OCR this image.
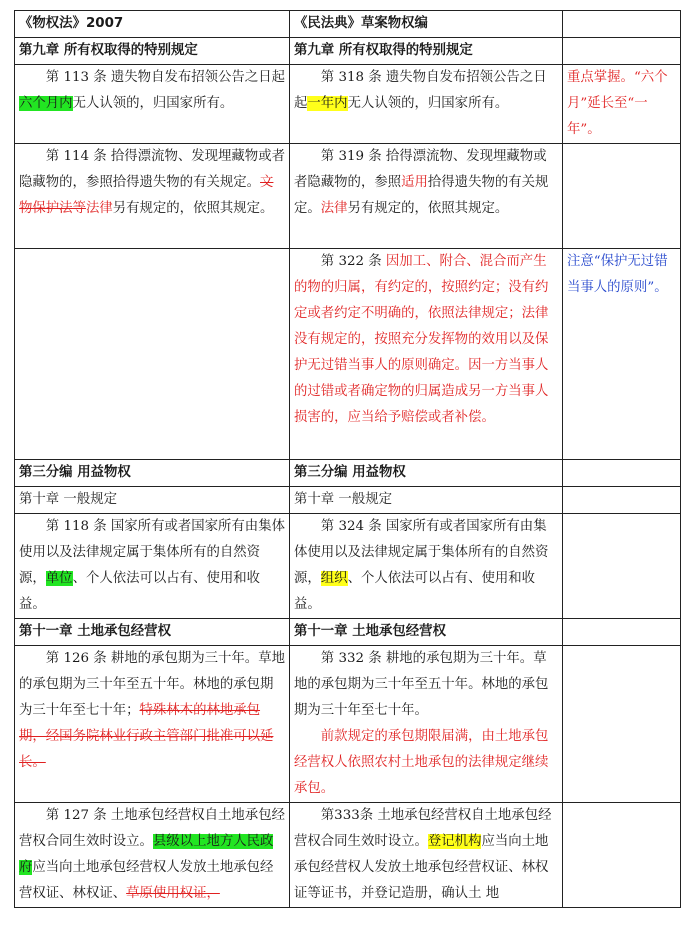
《物权法》2007	《民法典》草案物权编	
第九章 所有权取得的特别规定	第九章 所有权取得的特别规定	

第 113 条 遗失物自发布招领公告之日起六个月内无人认领的，归国家所有。	第 318 条 遗失物自发布招领公告之日起一年内无人认领的，归国家所有。	重点掌握。“六个月”延长至“一年”。

第 114 条 拾得漂流物、发现埋藏物或者隐藏物的，参照拾得遗失物的有关规定。文物保护法等法律另有规定的，依照其规定。	第 319 条 拾得漂流物、发现埋藏物或者隐藏物的，参照适用拾得遗失物的有关规定。法律另有规定的，依照其规定。	

	第 322 条 因加工、附合、混合而产生的物的归属，有约定的，按照约定；没有约定或者约定不明确的，依照法律规定；法律没有规定的，按照充分发挥物的效用以及保护无过错当事人的原则确定。因一方当事人的过错或者确定物的归属造成另一方当事人损害的，应当给予赔偿或者补偿。	注意“保护无过错当事人的原则”。
第三分编 用益物权	第三分编 用益物权	
第十章 一般规定	第十章 一般规定	

第 118 条 国家所有或者国家所有由集体使用以及法律规定属于集体所有的自然资源，单位、个人依法可以占有、使用和收益。	第 324 条 国家所有或者国家所有由集体使用以及法律规定属于集体所有的自然资源，组织、个人依法可以占有、使用和收益。	

第十一章 土地承包经营权	第十一章 土地承包经营权	

第 126 条 耕地的承包期为三十年。草地的承包期为三十年至五十年。林地的承包期为三十年至七十年；特殊林木的林地承包期，经国务院林业行政主管部门批准可以延长。	第 332 条 耕地的承包期为三十年。草地的承包期为三十年至五十年。林地的承包期为三十年至七十年。
前款规定的承包期限届满，由土地承包经营权人依照农村土地承包的法律规定继续承包。	

第 127 条 土地承包经营权自土地承包经营权合同生效时设立。县级以上地方人民政府应当向土地承包经营权人发放土地承包经营权证、林权证、草原使用权证，	第333条 土地承包经营权自土地承包经营权合同生效时设立。登记机构应当向土地承包经营权人发放土地承包经营权证、林权证等证书，并登记造册，确认土 地	
